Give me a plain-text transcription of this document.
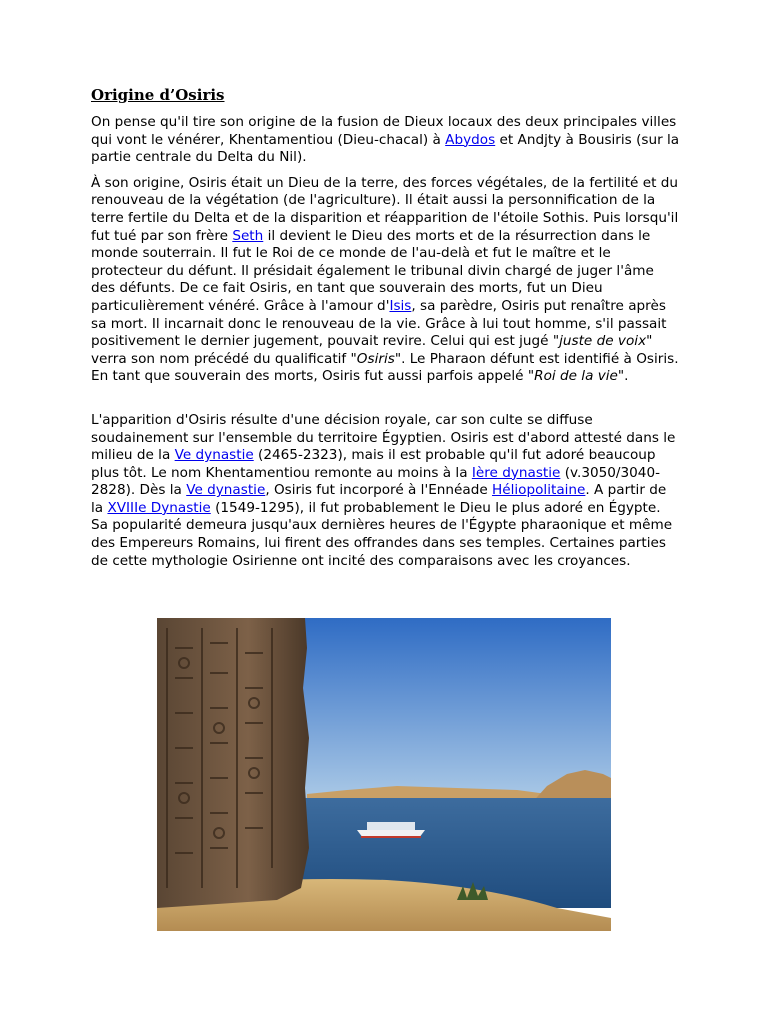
Origine d’Osiris

On pense qu'il tire son origine de la fusion de Dieux locaux des deux principales villes qui vont le vénérer, Khentamentiou (Dieu-chacal) à Abydos et Andjty à Bousiris (sur la partie centrale du Delta du Nil).

À son origine, Osiris était un Dieu de la terre, des forces végétales, de la fertilité et du renouveau de la végétation (de l'agriculture). Il était aussi la personnification de la terre fertile du Delta et de la disparition et réapparition de l'étoile Sothis. Puis lorsqu'il fut tué par son frère Seth il devient le Dieu des morts et de la résurrection dans le monde souterrain. Il fut le Roi de ce monde de l'au-delà et fut le maître et le protecteur du défunt. Il présidait également le tribunal divin chargé de juger l'âme des défunts. De ce fait Osiris, en tant que souverain des morts, fut un Dieu particulièrement vénéré. Grâce à l'amour d'Isis, sa parèdre, Osiris put renaître après sa mort. Il incarnait donc le renouveau de la vie. Grâce à lui tout homme, s'il passait positivement le dernier jugement, pouvait revire. Celui qui est jugé "juste de voix" verra son nom précédé du qualificatif "Osiris". Le Pharaon défunt est identifié à Osiris. En tant que souverain des morts, Osiris fut aussi parfois appelé "Roi de la vie".

L'apparition d'Osiris résulte d'une décision royale, car son culte se diffuse soudainement sur l'ensemble du territoire Égyptien. Osiris est d'abord attesté dans le milieu de la Ve dynastie (2465-2323), mais il est probable qu'il fut adoré beaucoup plus tôt. Le nom Khentamentiou remonte au moins à la Ière dynastie (v.3050/3040-2828). Dès la Ve dynastie, Osiris fut incorporé à l'Ennéade Héliopolitaine. A partir de la XVIIIe Dynastie (1549-1295), il fut probablement le Dieu le plus adoré en Égypte. Sa popularité demeura jusqu'aux dernières heures de l'Égypte pharaonique et même des Empereurs Romains, lui firent des offrandes dans ses temples. Certaines parties de cette mythologie Osirienne ont incité des comparaisons avec les croyances.
